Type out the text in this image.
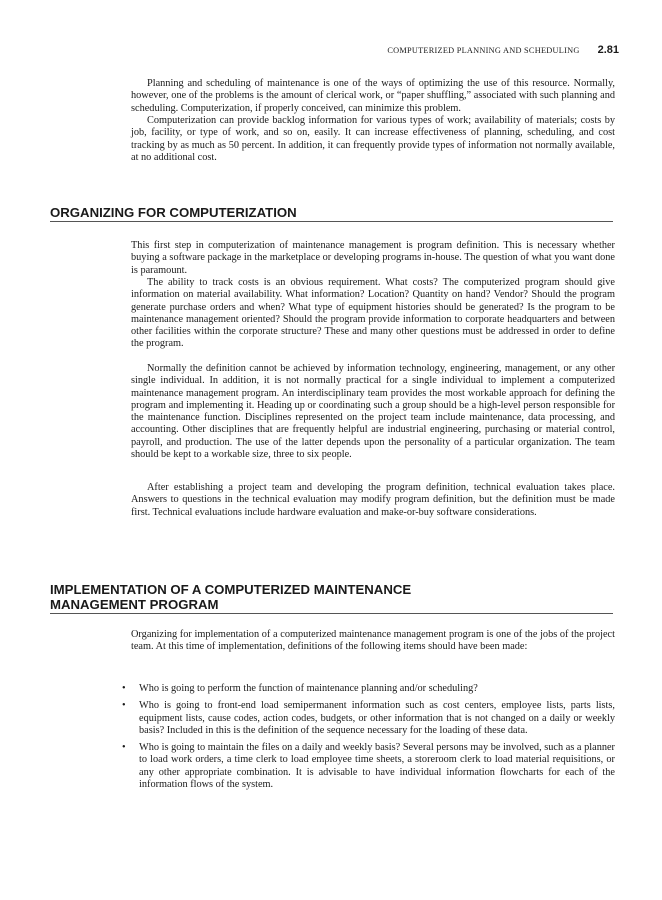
COMPUTERIZED PLANNING AND SCHEDULING 2.81

Planning and scheduling of maintenance is one of the ways of optimizing the use of this resource. Normally, however, one of the problems is the amount of clerical work, or “paper shuffling,” associated with such planning and scheduling. Computerization, if properly conceived, can minimize this problem.

Computerization can provide backlog information for various types of work; availability of materials; costs by job, facility, or type of work, and so on, easily. It can increase effectiveness of planning, scheduling, and cost tracking by as much as 50 percent. In addition, it can frequently provide types of information not normally available, at no additional cost.

ORGANIZING FOR COMPUTERIZATION

This first step in computerization of maintenance management is program definition. This is necessary whether buying a software package in the marketplace or developing programs in-house. The question of what you want done is paramount.

The ability to track costs is an obvious requirement. What costs? The computerized program should give information on material availability. What information? Location? Quantity on hand? Vendor? Should the program generate purchase orders and when? What type of equipment histories should be generated? Is the program to be maintenance management oriented? Should the program provide information to corporate headquarters and between other facilities within the corporate structure? These and many other questions must be addressed in order to define the program.

Normally the definition cannot be achieved by information technology, engineering, management, or any other single individual. In addition, it is not normally practical for a single individual to implement a computerized maintenance management program. An interdisciplinary team provides the most workable approach for defining the program and implementing it. Heading up or coordinating such a group should be a high-level person responsible for the maintenance function. Disciplines represented on the project team include maintenance, data processing, and accounting. Other disciplines that are frequently helpful are industrial engineering, purchasing or material control, payroll, and production. The use of the latter depends upon the personality of a particular organization. The team should be kept to a workable size, three to six people.

After establishing a project team and developing the program definition, technical evaluation takes place. Answers to questions in the technical evaluation may modify program definition, but the definition must be made first. Technical evaluations include hardware evaluation and make-or-buy software considerations.

IMPLEMENTATION OF A COMPUTERIZED MAINTENANCE
MANAGEMENT PROGRAM

Organizing for implementation of a computerized maintenance management program is one of the jobs of the project team. At this time of implementation, definitions of the following items should have been made:

•	Who is going to perform the function of maintenance planning and/or scheduling?
•	Who is going to front-end load semipermanent information such as cost centers, employee lists, parts lists, equipment lists, cause codes, action codes, budgets, or other information that is not changed on a daily or weekly basis? Included in this is the definition of the sequence necessary for the loading of these data.
•	Who is going to maintain the files on a daily and weekly basis? Several persons may be involved, such as a planner to load work orders, a time clerk to load employee time sheets, a storeroom clerk to load material requisitions, or any other appropriate combination. It is advisable to have individual information flowcharts for each of the information flows of the system.
